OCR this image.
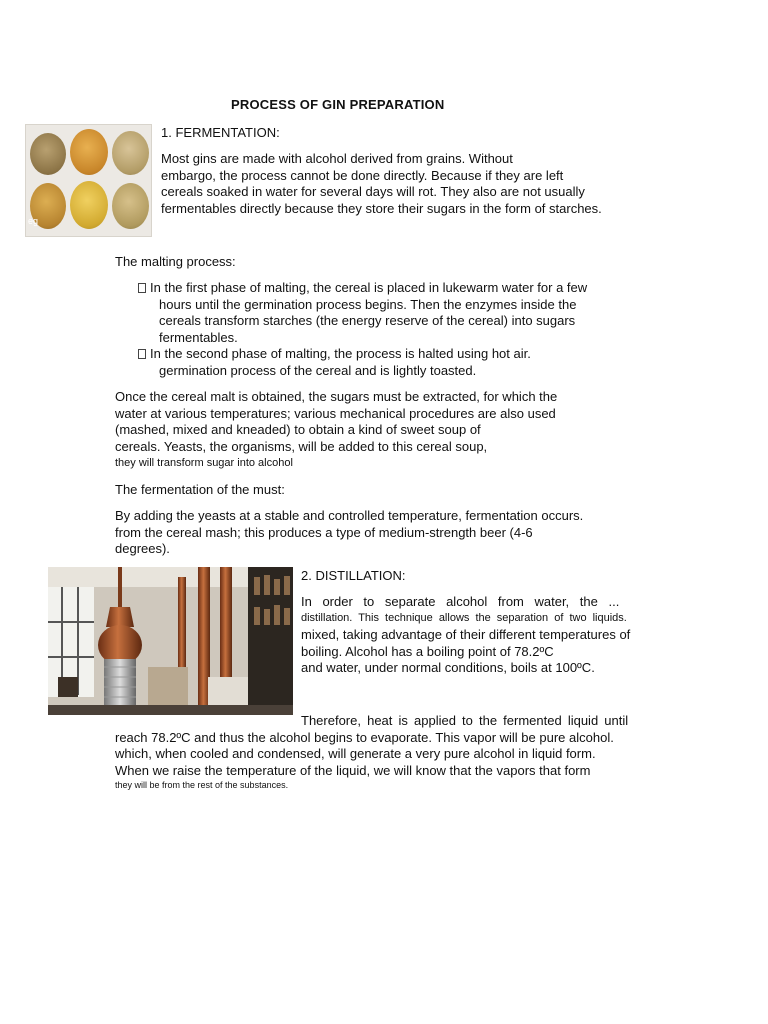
PROCESS OF GIN PREPARATION
eg
1. FERMENTATION:
Most gins are made with alcohol derived from grains. Without
embargo, the process cannot be done directly. Because if they are left
cereals soaked in water for several days will rot. They also are not usually
fermentables directly because they store their sugars in the form of starches.
The malting process:
In the first phase of malting, the cereal is placed in lukewarm water for a few
hours until the germination process begins. Then the enzymes inside the
cereals transform starches (the energy reserve of the cereal) into sugars
fermentables.
In the second phase of malting, the process is halted using hot air.
germination process of the cereal and is lightly toasted.
Once the cereal malt is obtained, the sugars must be extracted, for which the
water at various temperatures; various mechanical procedures are also used
(mashed, mixed and kneaded) to obtain a kind of sweet soup of
cereals. Yeasts, the organisms, will be added to this cereal soup,
they will transform sugar into alcohol
The fermentation of the must:
By adding the yeasts at a stable and controlled temperature, fermentation occurs.
from the cereal mash; this produces a type of medium-strength beer (4-6
degrees).
2. DISTILLATION:
In order to separate alcohol from water, the ...
distillation. This technique allows the separation of two liquids.
mixed, taking advantage of their different temperatures of
boiling. Alcohol has a boiling point of 78.2ºC
and water, under normal conditions, boils at 100ºC.
Therefore, heat is applied to the fermented liquid until
reach 78.2ºC and thus the alcohol begins to evaporate. This vapor will be pure alcohol.
which, when cooled and condensed, will generate a very pure alcohol in liquid form.
When we raise the temperature of the liquid, we will know that the vapors that form
they will be from the rest of the substances.
